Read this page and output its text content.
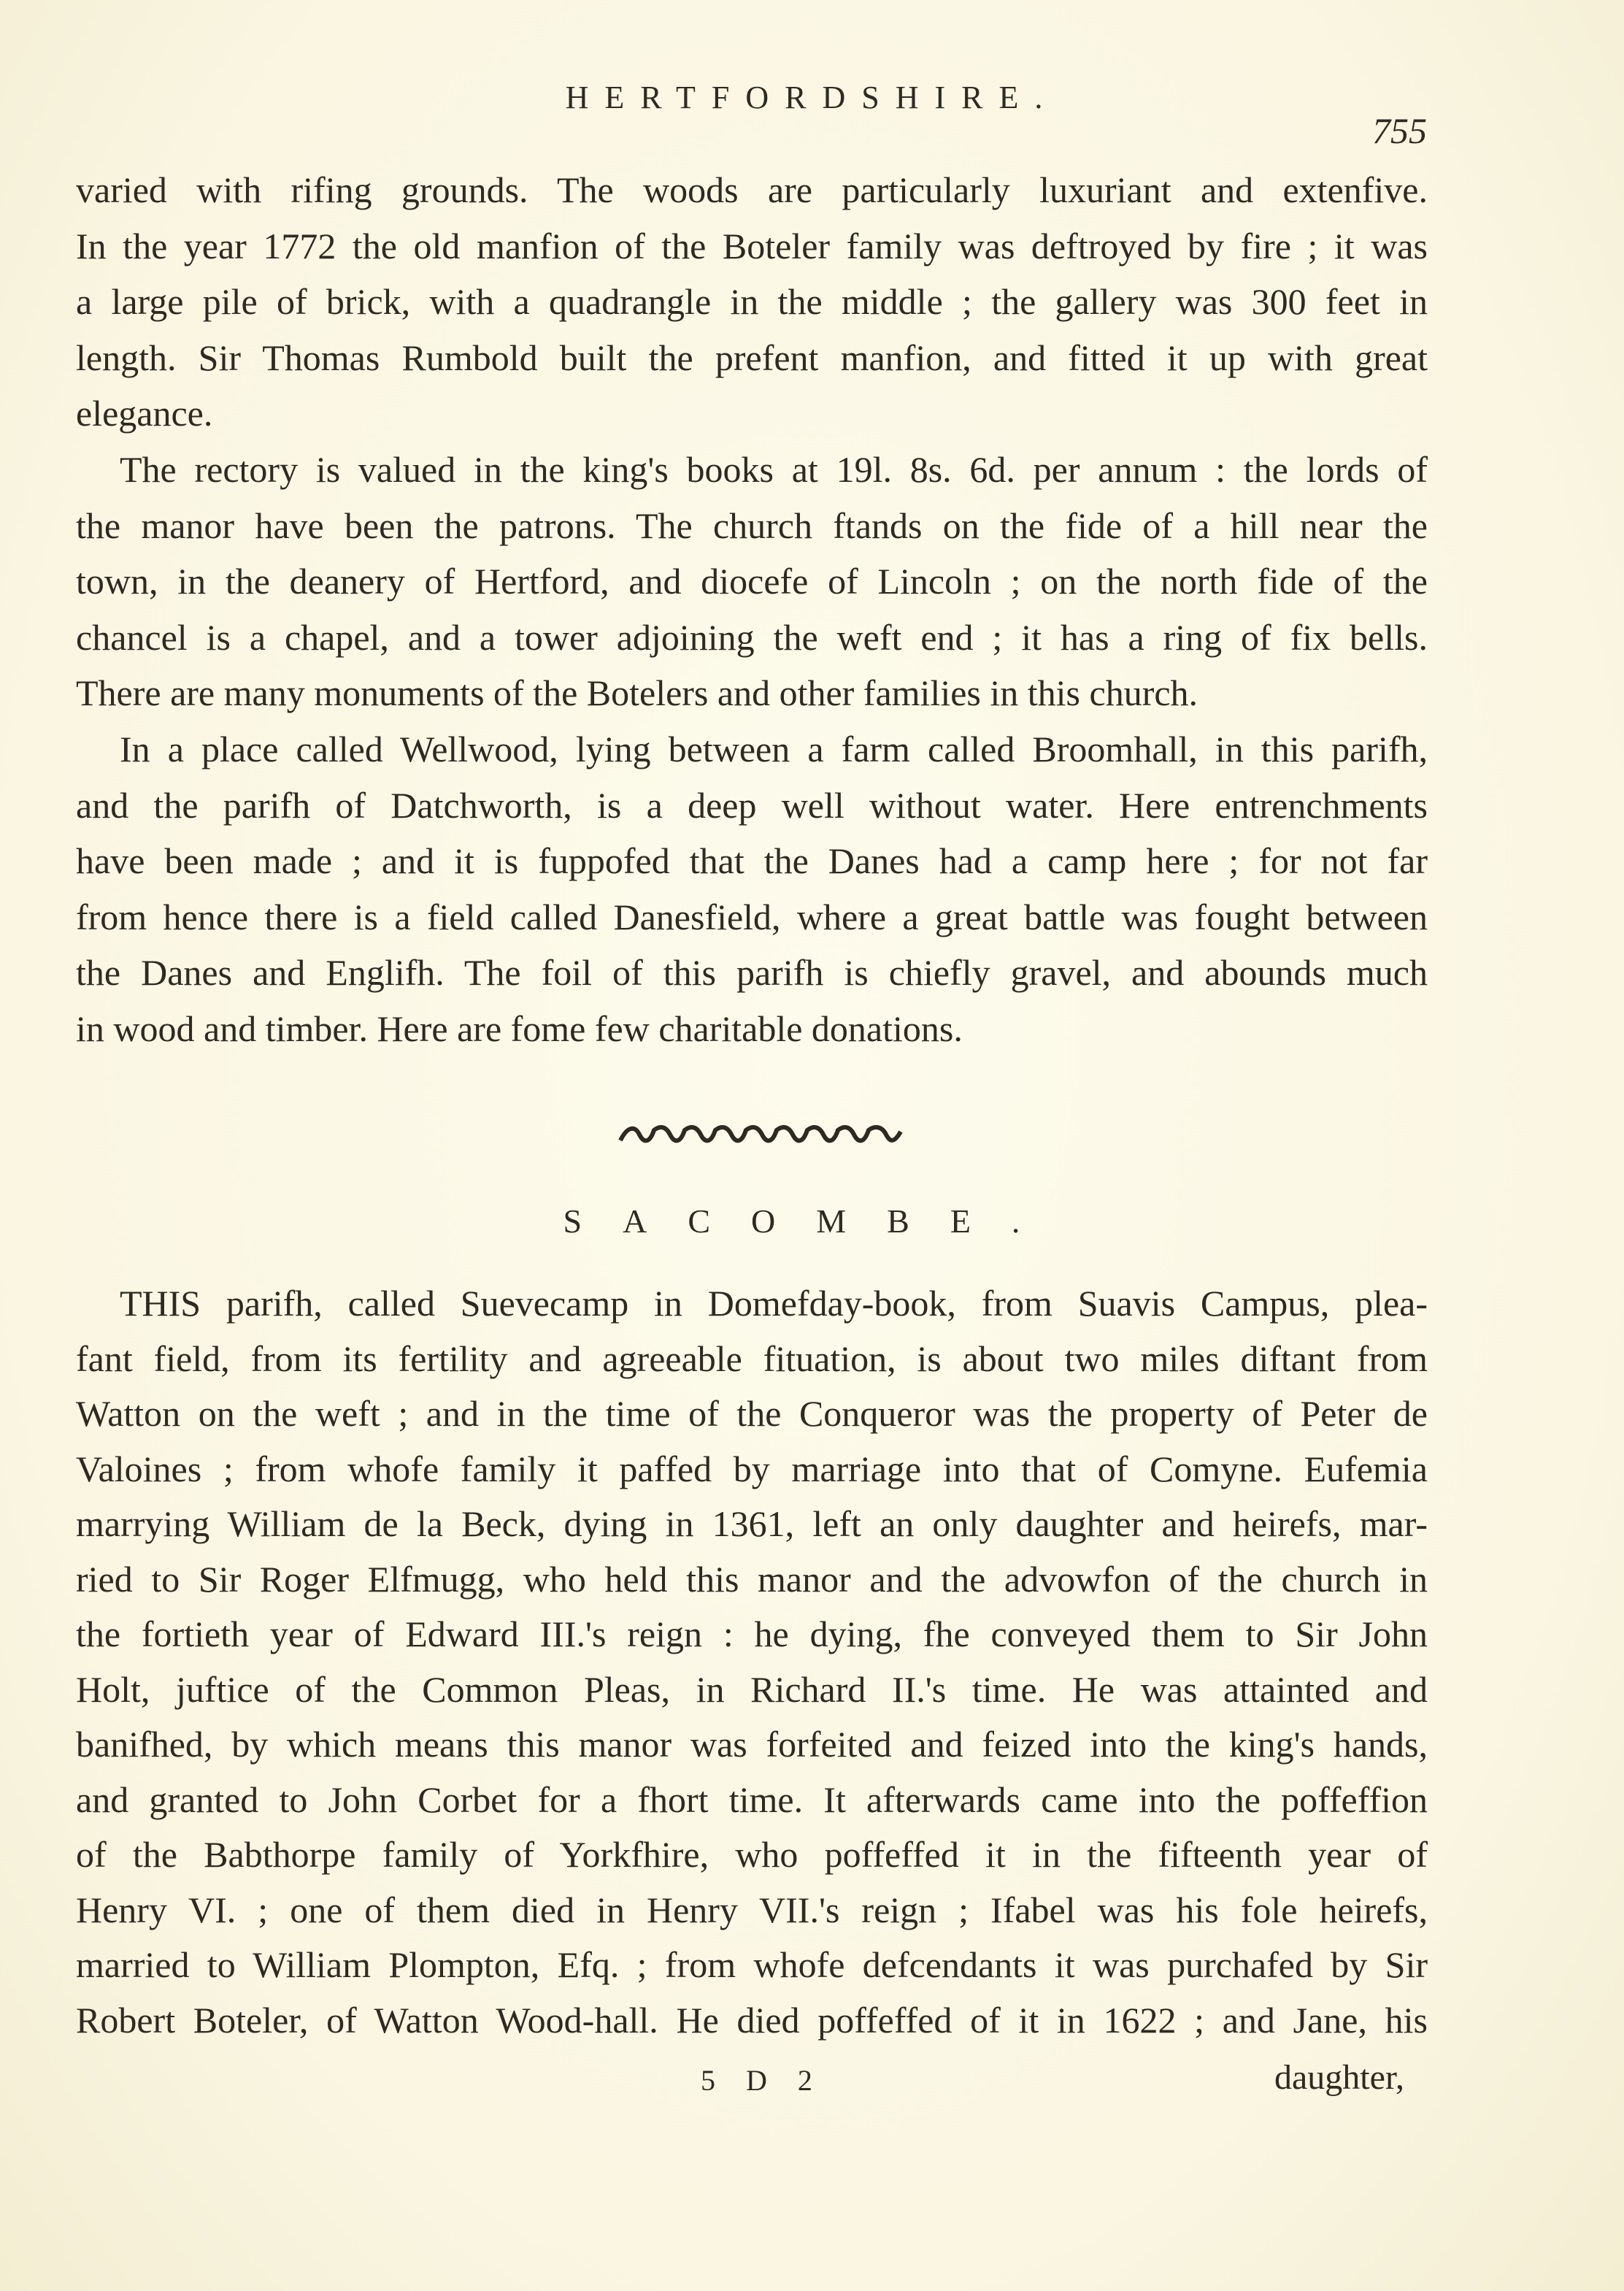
HERTFORDSHIRE.
755
varied with rifing grounds. The woods are particularly luxuriant and extenfive.
In the year 1772 the old manfion of the Boteler family was deftroyed by fire ; it was
a large pile of brick, with a quadrangle in the middle ; the gallery was 300 feet in
length. Sir Thomas Rumbold built the prefent manfion, and fitted it up with great
elegance.
The rectory is valued in the king's books at 19l. 8s. 6d. per annum : the lords of
the manor have been the patrons. The church ftands on the fide of a hill near the
town, in the deanery of Hertford, and diocefe of Lincoln ; on the north fide of the
chancel is a chapel, and a tower adjoining the weft end ; it has a ring of fix bells.
There are many monuments of the Botelers and other families in this church.
In a place called Wellwood, lying between a farm called Broomhall, in this parifh,
and the parifh of Datchworth, is a deep well without water. Here entrenchments
have been made ; and it is fuppofed that the Danes had a camp here ; for not far
from hence there is a field called Danesfield, where a great battle was fought between
the Danes and Englifh. The foil of this parifh is chiefly gravel, and abounds much
in wood and timber. Here are fome few charitable donations.
SACOMBE.
THIS parifh, called Suevecamp in Domefday-book, from Suavis Campus, plea-
fant field, from its fertility and agreeable fituation, is about two miles diftant from
Watton on the weft ; and in the time of the Conqueror was the property of Peter de
Valoines ; from whofe family it paffed by marriage into that of Comyne. Eufemia
marrying William de la Beck, dying in 1361, left an only daughter and heirefs, mar-
ried to Sir Roger Elfmugg, who held this manor and the advowfon of the church in
the fortieth year of Edward III.'s reign : he dying, fhe conveyed them to Sir John
Holt, juftice of the Common Pleas, in Richard II.'s time. He was attainted and
banifhed, by which means this manor was forfeited and feized into the king's hands,
and granted to John Corbet for a fhort time. It afterwards came into the poffeffion
of the Babthorpe family of Yorkfhire, who poffeffed it in the fifteenth year of
Henry VI. ; one of them died in Henry VII.'s reign ; Ifabel was his fole heirefs,
married to William Plompton, Efq. ; from whofe defcendants it was purchafed by Sir
Robert Boteler, of Watton Wood-hall. He died poffeffed of it in 1622 ; and Jane, his
5 D 2	daughter,
